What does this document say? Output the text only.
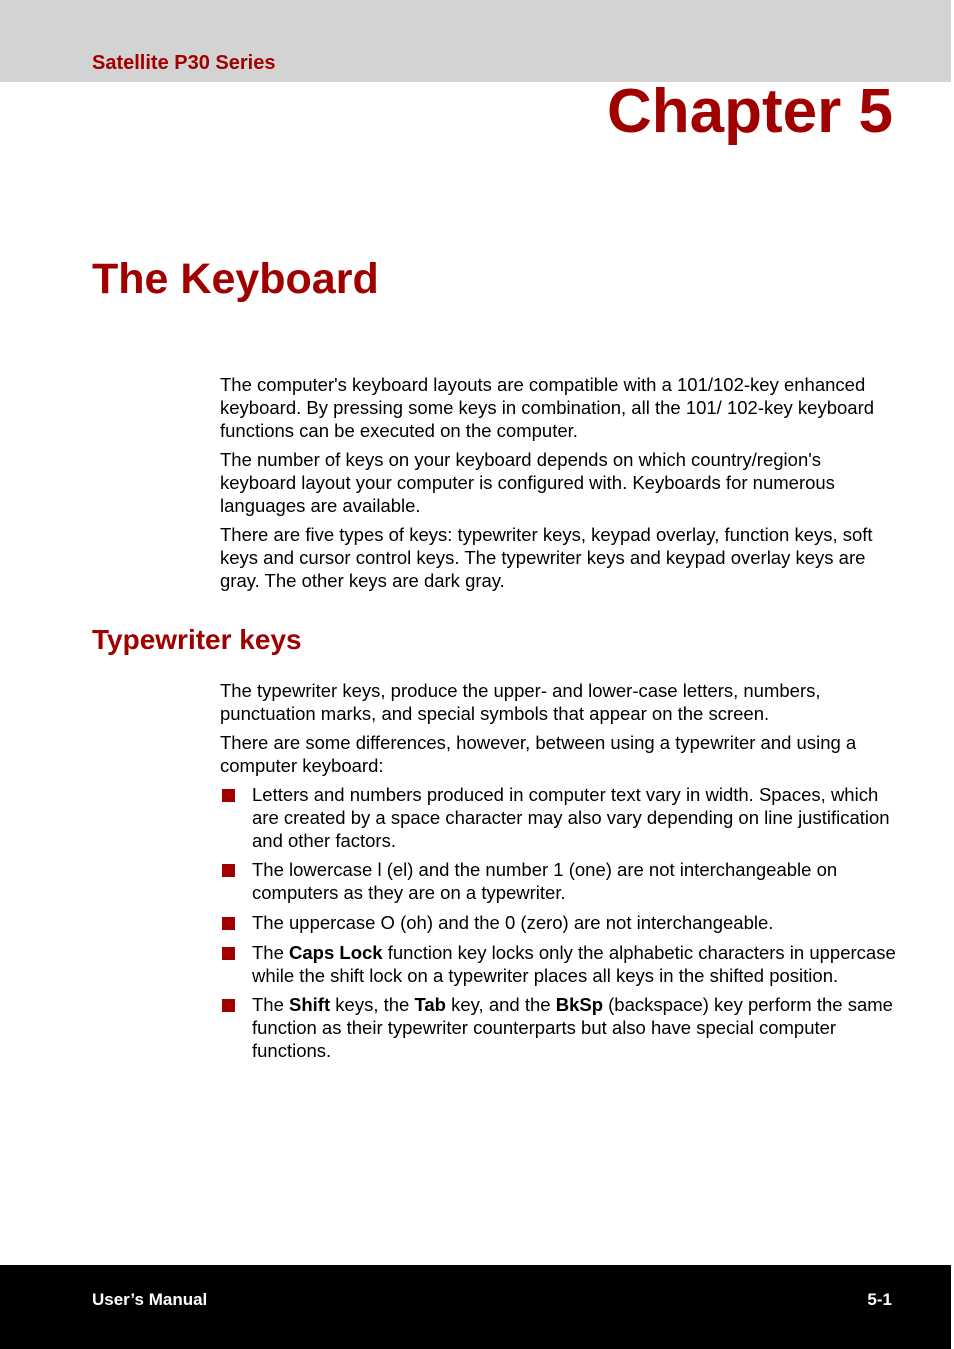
Satellite P30 Series
Chapter 5
The Keyboard

The computer's keyboard layouts are compatible with a 101/102-key enhanced keyboard. By pressing some keys in combination, all the 101/ 102-key keyboard functions can be executed on the computer.

The number of keys on your keyboard depends on which country/region's keyboard layout your computer is configured with. Keyboards for numerous languages are available.

There are five types of keys: typewriter keys, keypad overlay, function keys, soft keys and cursor control keys. The typewriter keys and keypad overlay keys are gray. The other keys are dark gray.

Typewriter keys

The typewriter keys, produce the upper- and lower-case letters, numbers, punctuation marks, and special symbols that appear on the screen.

There are some differences, however, between using a typewriter and using a computer keyboard:

Letters and numbers produced in computer text vary in width. Spaces, which are created by a space character may also vary depending on line justification and other factors.
The lowercase l (el) and the number 1 (one) are not interchangeable on computers as they are on a typewriter.
The uppercase O (oh) and the 0 (zero) are not interchangeable.
The Caps Lock function key locks only the alphabetic characters in uppercase while the shift lock on a typewriter places all keys in the shifted position.
The Shift keys, the Tab key, and the BkSp (backspace) key perform the same function as their typewriter counterparts but also have special computer functions.
User’s Manual	5-1
